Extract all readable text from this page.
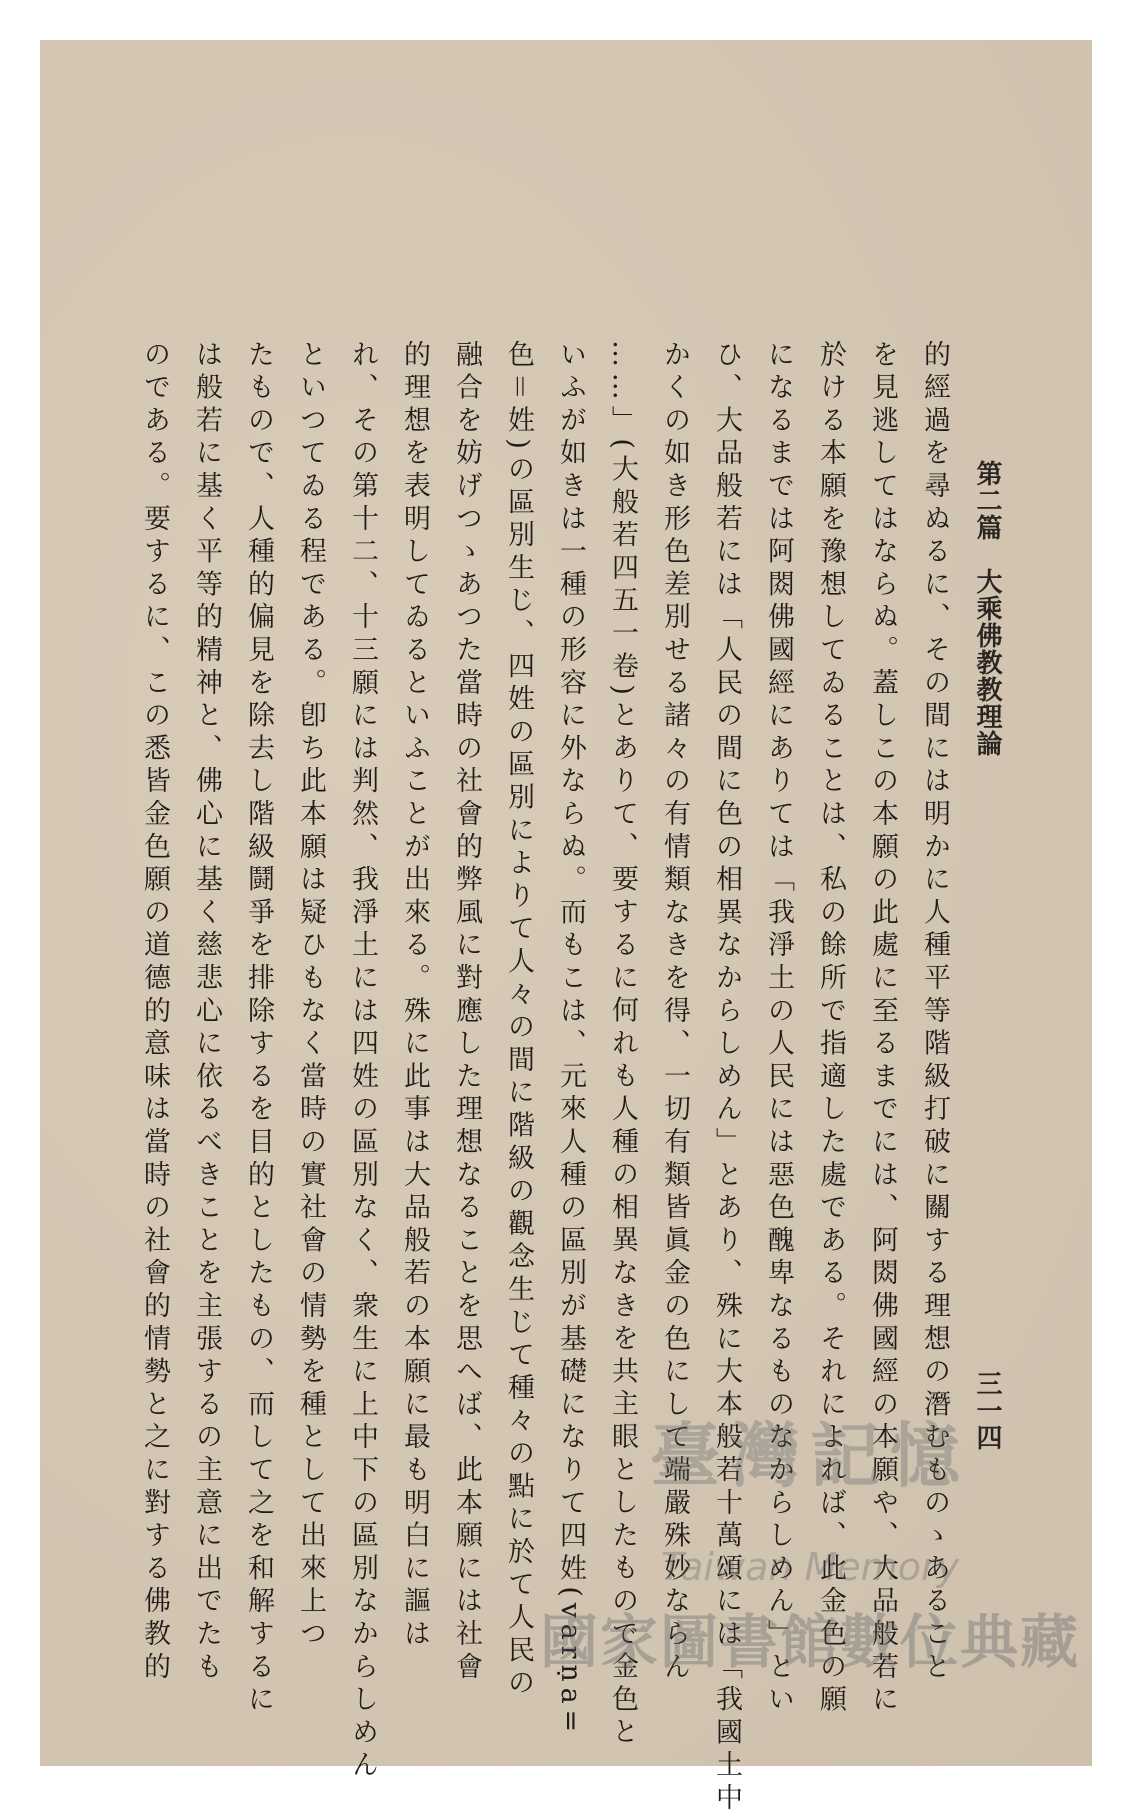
第二篇　大乘佛教教理論
三一四
的經過を尋ぬるに、その間には明かに人種平等階級打破に關する理想の潛むものゝあること
を見逃してはならぬ。蓋しこの本願の此處に至るまでには、阿閦佛國經の本願や、大品般若に
於ける本願を豫想してゐることは、私の餘所で指適した處である。それによれば、此金色の願
になるまでは阿閦佛國經にありては「我淨土の人民には惡色醜卑なるものなからしめん」とい
ひ、大品般若には「人民の間に色の相異なからしめん」とあり、殊に大本般若十萬頌には「我國土中
かくの如き形色差別せる諸々の有情類なきを得、一切有類皆眞金の色にして端嚴殊妙ならん
……」(大般若四五一卷)とありて、要するに何れも人種の相異なきを共主眼としたもので金色と
いふが如きは一種の形容に外ならぬ。而もこは、元來人種の區別が基礎になりて四姓(varṇa=
色＝姓)の區別生じ、四姓の區別によりて人々の間に階級の觀念生じて種々の點に於て人民の
融合を妨げつゝあつた當時の社會的弊風に對應した理想なることを思へば、此本願には社會
的理想を表明してゐるといふことが出來る。殊に此事は大品般若の本願に最も明白に謳は
れ、その第十二、十三願には判然、我淨土には四姓の區別なく、衆生に上中下の區別なからしめん
といつてゐる程である。卽ち此本願は疑ひもなく當時の實社會の情勢を種として出來上つ
たもので、人種的偏見を除去し階級鬪爭を排除するを目的としたもの、而して之を和解するに
は般若に基く平等的精神と、佛心に基く慈悲心に依るべきことを主張するの主意に出でたも
のである。要するに、この悉皆金色願の道德的意味は當時の社會的情勢と之に對する佛教的	臺灣記憶
Taiwan Memory
國家圖書館數位典藏
